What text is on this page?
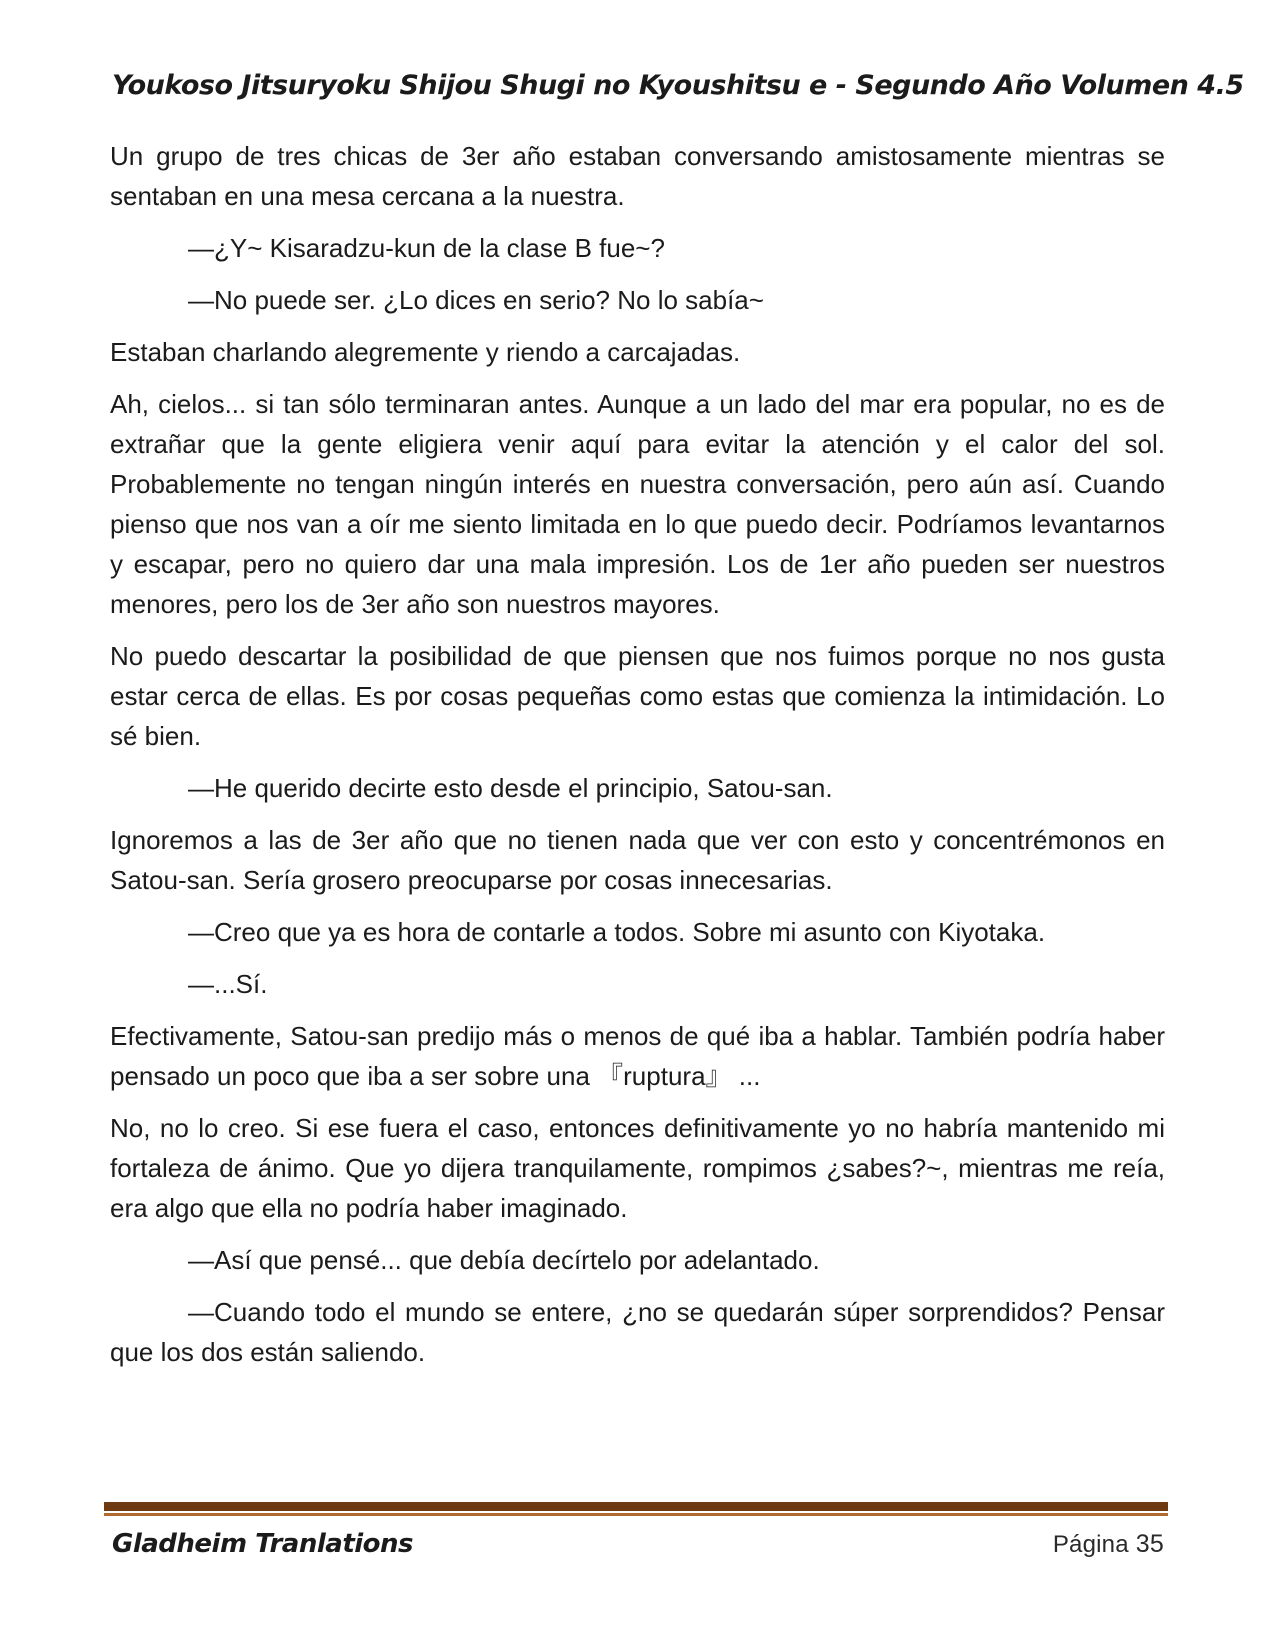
Youkoso Jitsuryoku Shijou Shugi no Kyoushitsu e - Segundo Año Volumen 4.5

Un grupo de tres chicas de 3er año estaban conversando amistosamente mientras se sentaban en una mesa cercana a la nuestra.

—¿Y~ Kisaradzu-kun de la clase B fue~?

—No puede ser. ¿Lo dices en serio? No lo sabía~

Estaban charlando alegremente y riendo a carcajadas.

Ah, cielos... si tan sólo terminaran antes. Aunque a un lado del mar era popular, no es de extrañar que la gente eligiera venir aquí para evitar la atención y el calor del sol. Probablemente no tengan ningún interés en nuestra conversación, pero aún así. Cuando pienso que nos van a oír me siento limitada en lo que puedo decir. Podríamos levantarnos y escapar, pero no quiero dar una mala impresión. Los de 1er año pueden ser nuestros menores, pero los de 3er año son nuestros mayores.

No puedo descartar la posibilidad de que piensen que nos fuimos porque no nos gusta estar cerca de ellas. Es por cosas pequeñas como estas que comienza la intimidación. Lo sé bien.

—He querido decirte esto desde el principio, Satou-san.

Ignoremos a las de 3er año que no tienen nada que ver con esto y concentrémonos en Satou-san. Sería grosero preocuparse por cosas innecesarias.

—Creo que ya es hora de contarle a todos. Sobre mi asunto con Kiyotaka.

—...Sí.

Efectivamente, Satou-san predijo más o menos de qué iba a hablar. También podría haber pensado un poco que iba a ser sobre una 『ruptura』 ...

No, no lo creo. Si ese fuera el caso, entonces definitivamente yo no habría mantenido mi fortaleza de ánimo. Que yo dijera tranquilamente, rompimos ¿sabes?~, mientras me reía, era algo que ella no podría haber imaginado.

—Así que pensé... que debía decírtelo por adelantado.

—Cuando todo el mundo se entere, ¿no se quedarán súper sorprendidos? Pensar que los dos están saliendo.

Gladheim Tranlations	Página 35
